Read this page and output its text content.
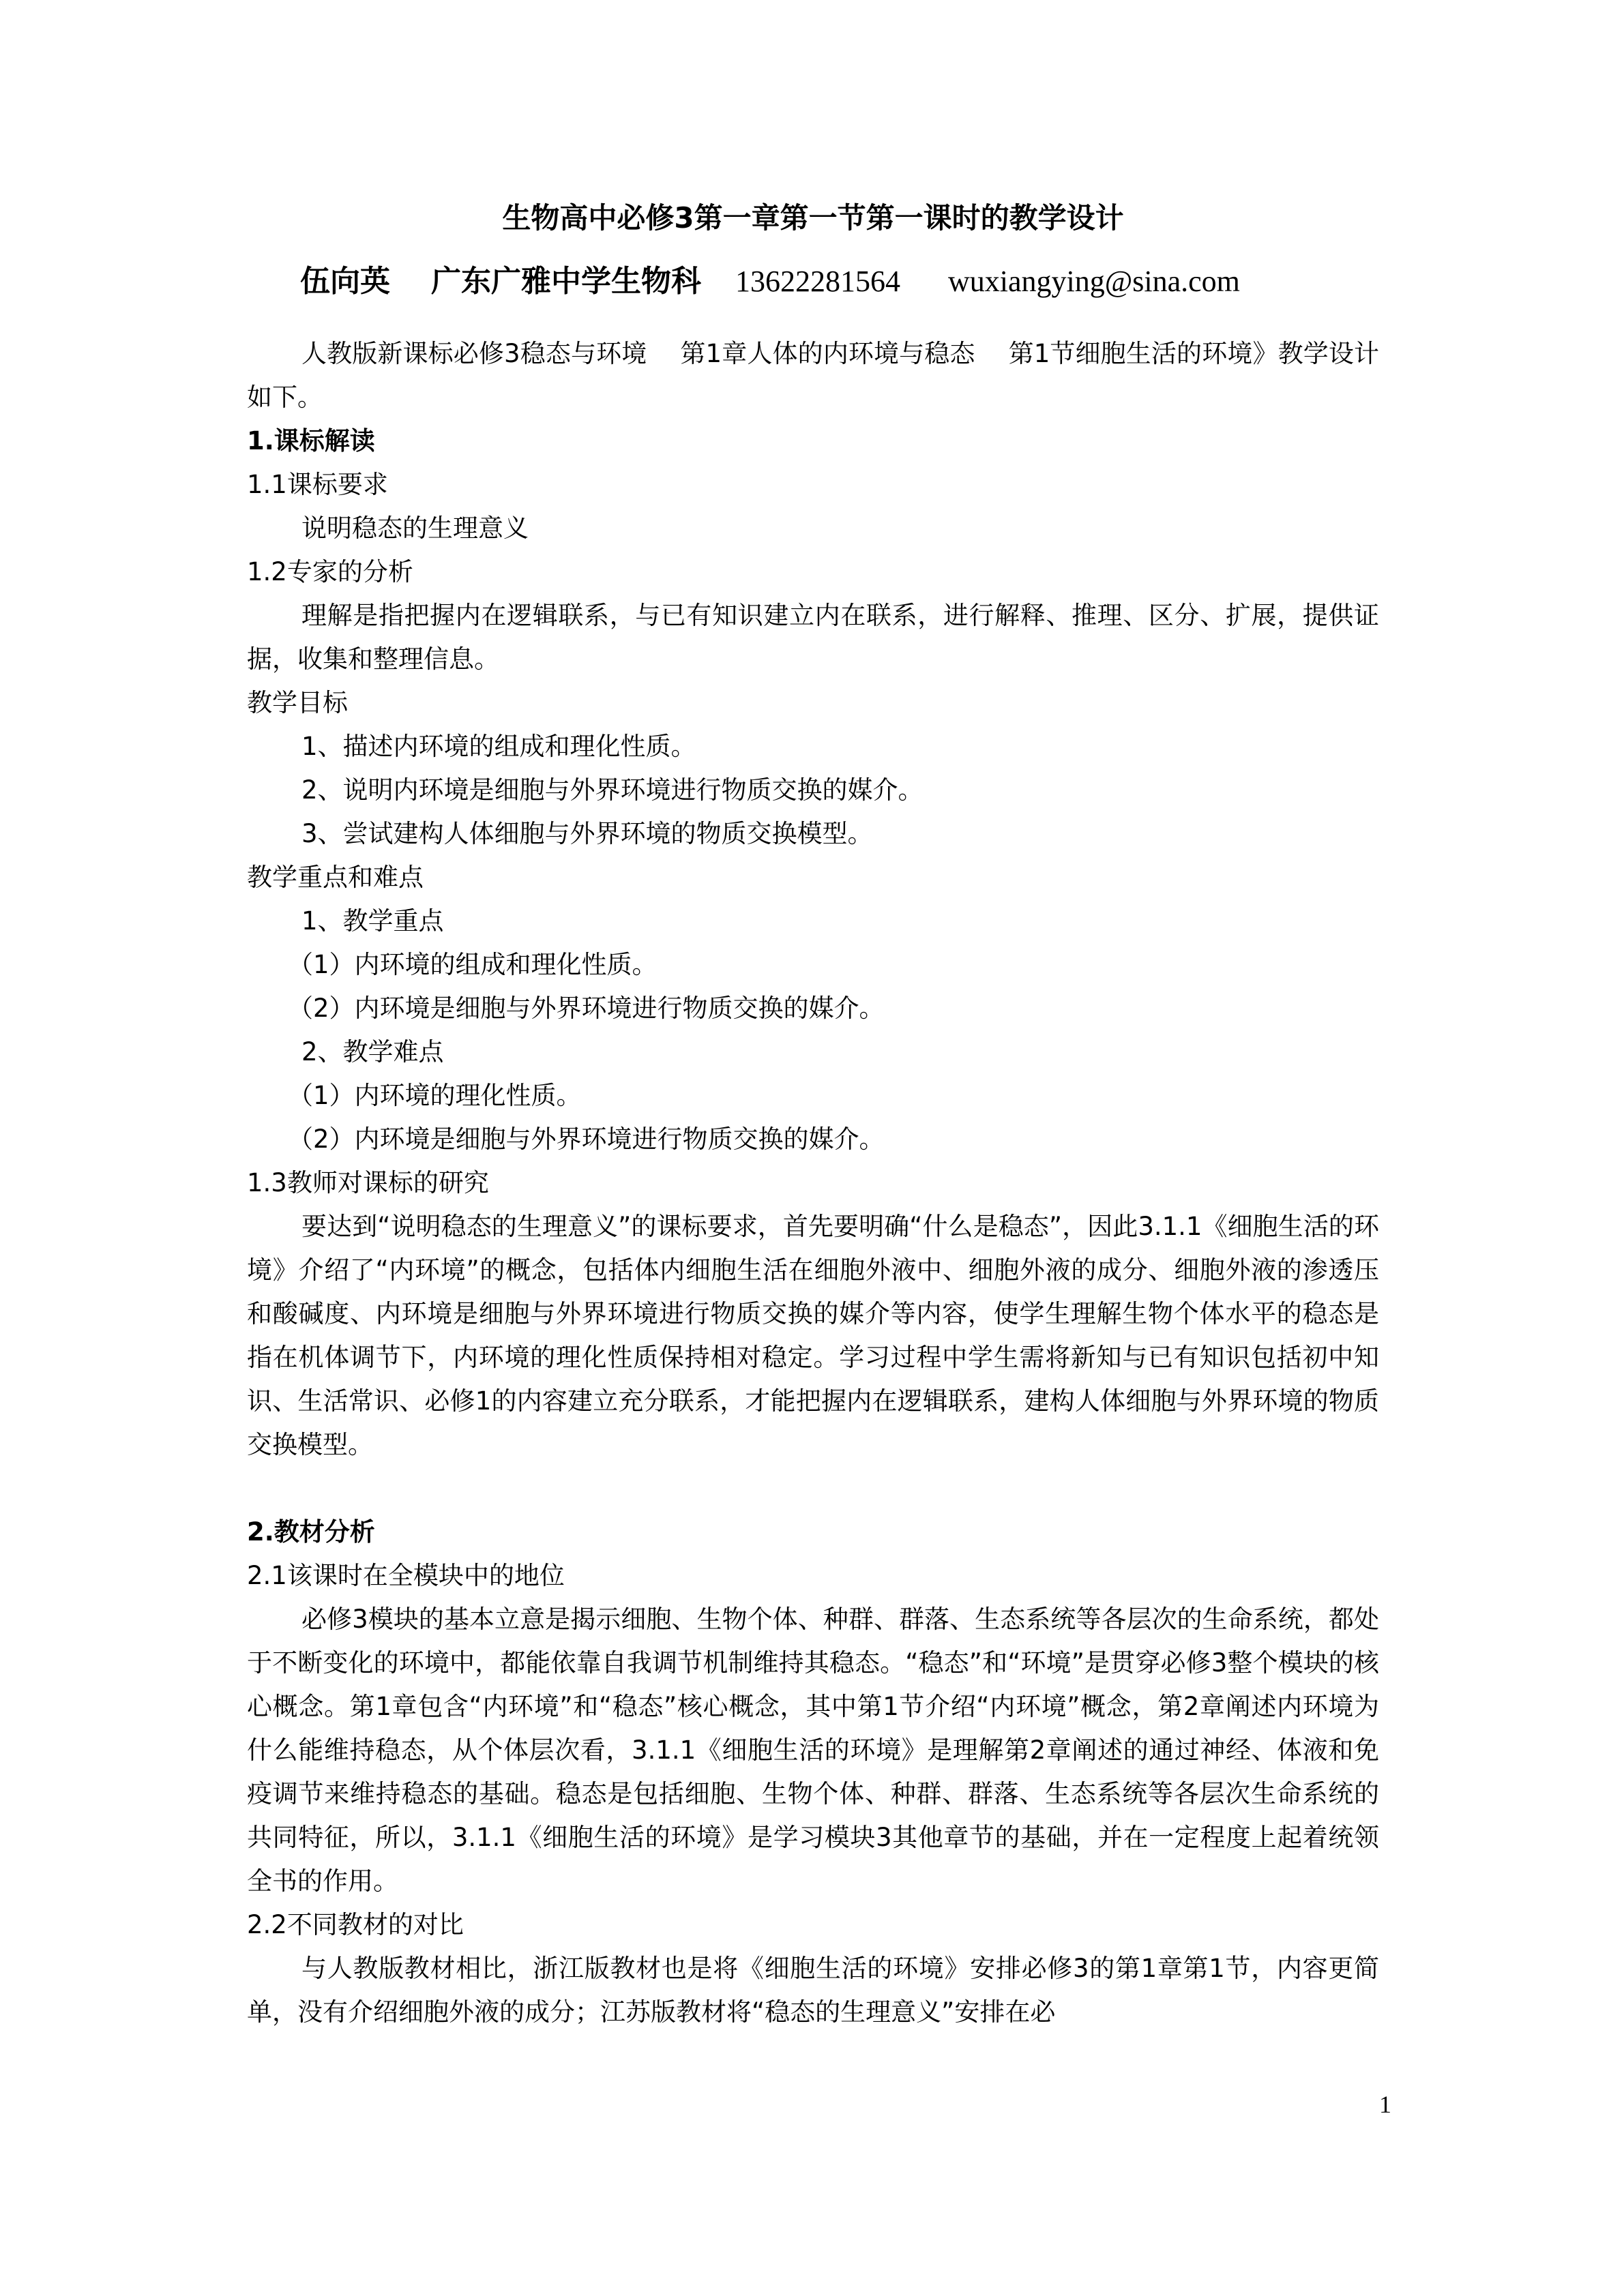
生物高中必修3第一章第一节第一课时的教学设计
伍向英 广东广雅中学生物科 13622281564 wuxiangying@sina.com

人教版新课标必修3稳态与环境　 第1章人体的内环境与稳态　 第1节细胞生活的环境》教学设计如下。

1.课标解读

1.1课标要求

说明稳态的生理意义

1.2专家的分析

理解是指把握内在逻辑联系，与已有知识建立内在联系，进行解释、推理、区分、扩展，提供证据，收集和整理信息。

教学目标

1、描述内环境的组成和理化性质。

2、说明内环境是细胞与外界环境进行物质交换的媒介。

3、尝试建构人体细胞与外界环境的物质交换模型。

教学重点和难点

1、教学重点

（1）内环境的组成和理化性质。

（2）内环境是细胞与外界环境进行物质交换的媒介。

2、教学难点

（1）内环境的理化性质。

（2）内环境是细胞与外界环境进行物质交换的媒介。

1.3教师对课标的研究

要达到“说明稳态的生理意义”的课标要求，首先要明确“什么是稳态”，因此3.1.1《细胞生活的环境》介绍了“内环境”的概念，包括体内细胞生活在细胞外液中、细胞外液的成分、细胞外液的渗透压和酸碱度、内环境是细胞与外界环境进行物质交换的媒介等内容，使学生理解生物个体水平的稳态是指在机体调节下，内环境的理化性质保持相对稳定。学习过程中学生需将新知与已有知识包括初中知识、生活常识、必修1的内容建立充分联系，才能把握内在逻辑联系，建构人体细胞与外界环境的物质交换模型。

2.教材分析

2.1该课时在全模块中的地位

必修3模块的基本立意是揭示细胞、生物个体、种群、群落、生态系统等各层次的生命系统，都处于不断变化的环境中，都能依靠自我调节机制维持其稳态。“稳态”和“环境”是贯穿必修3整个模块的核心概念。第1章包含“内环境”和“稳态”核心概念，其中第1节介绍“内环境”概念，第2章阐述内环境为什么能维持稳态，从个体层次看，3.1.1《细胞生活的环境》是理解第2章阐述的通过神经、体液和免疫调节来维持稳态的基础。稳态是包括细胞、生物个体、种群、群落、生态系统等各层次生命系统的共同特征，所以，3.1.1《细胞生活的环境》是学习模块3其他章节的基础，并在一定程度上起着统领全书的作用。

2.2不同教材的对比

与人教版教材相比，浙江版教材也是将《细胞生活的环境》安排必修3的第1章第1节，内容更简单，没有介绍细胞外液的成分；江苏版教材将“稳态的生理意义”安排在必

1
